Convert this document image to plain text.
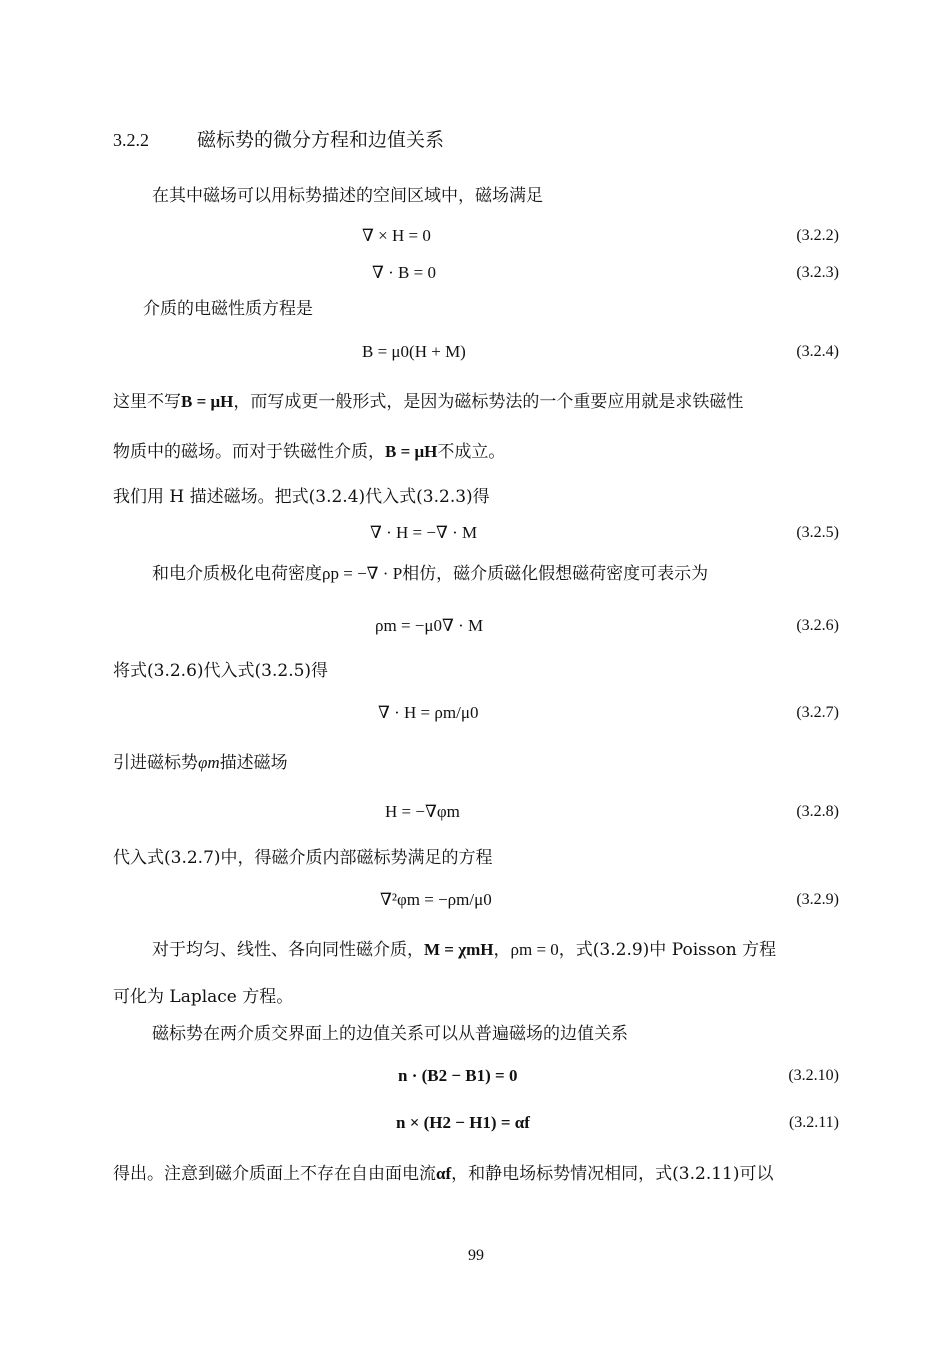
3.2.2	磁标势的微分方程和边值关系
在其中磁场可以用标势描述的空间区域中，磁场满足
∇ × H = 0	(3.2.2)
∇ · B = 0	(3.2.3)
介质的电磁性质方程是
B = μ0(H + M)	(3.2.4)
这里不写B = μH，而写成更一般形式，是因为磁标势法的一个重要应用就是求铁磁性
物质中的磁场。而对于铁磁性介质，B = μH不成立。
我们用 H 描述磁场。把式(3.2.4)代入式(3.2.3)得
∇ · H = −∇ · M	(3.2.5)
和电介质极化电荷密度ρp = −∇ · P相仿，磁介质磁化假想磁荷密度可表示为
ρm = −μ0∇ · M	(3.2.6)
将式(3.2.6)代入式(3.2.5)得
∇ · H = ρm/μ0	(3.2.7)
引进磁标势φm描述磁场
H = −∇φm	(3.2.8)
代入式(3.2.7)中，得磁介质内部磁标势满足的方程
∇²φm = −ρm/μ0	(3.2.9)
对于均匀、线性、各向同性磁介质，M = χmH，ρm = 0，式(3.2.9)中 Poisson 方程
可化为 Laplace 方程。
磁标势在两介质交界面上的边值关系可以从普遍磁场的边值关系
n · (B2 − B1) = 0	(3.2.10)
n × (H2 − H1) = αf	(3.2.11)
得出。注意到磁介质面上不存在自由面电流αf，和静电场标势情况相同，式(3.2.11)可以
99
